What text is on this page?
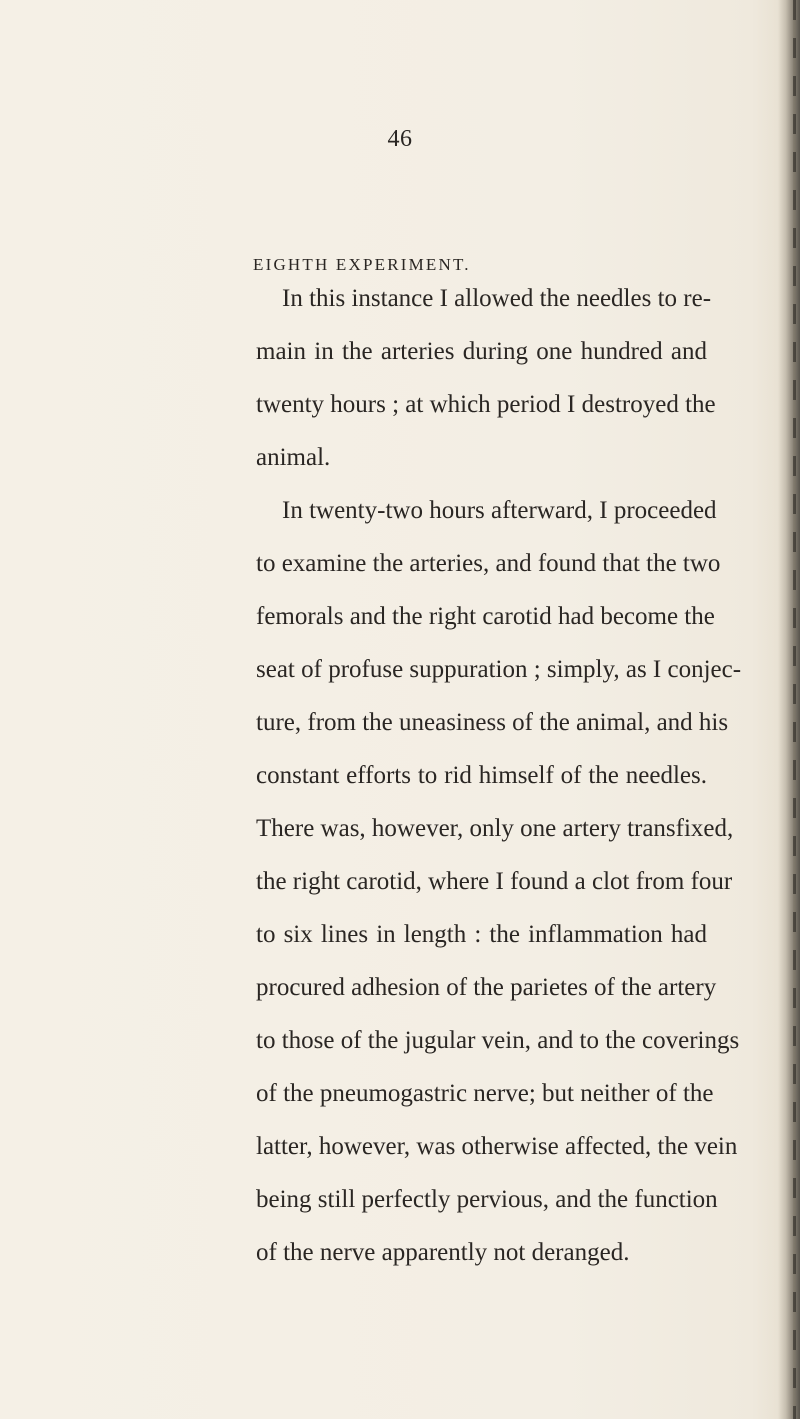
46
EIGHTH EXPERIMENT.
In this instance I allowed the needles to re-
main in the arteries during one hundred and
twenty hours ; at which period I destroyed the
animal.
In twenty-two hours afterward, I proceeded
to examine the arteries, and found that the two
femorals and the right carotid had become the
seat of profuse suppuration ; simply, as I conjec-
ture, from the uneasiness of the animal, and his
constant efforts to rid himself of the needles.
There was, however, only one artery transfixed,
the right carotid, where I found a clot from four
to six lines in length : the inflammation had
procured adhesion of the parietes of the artery
to those of the jugular vein, and to the coverings
of the pneumogastric nerve; but neither of the
latter, however, was otherwise affected, the vein
being still perfectly pervious, and the function
of the nerve apparently not deranged.
